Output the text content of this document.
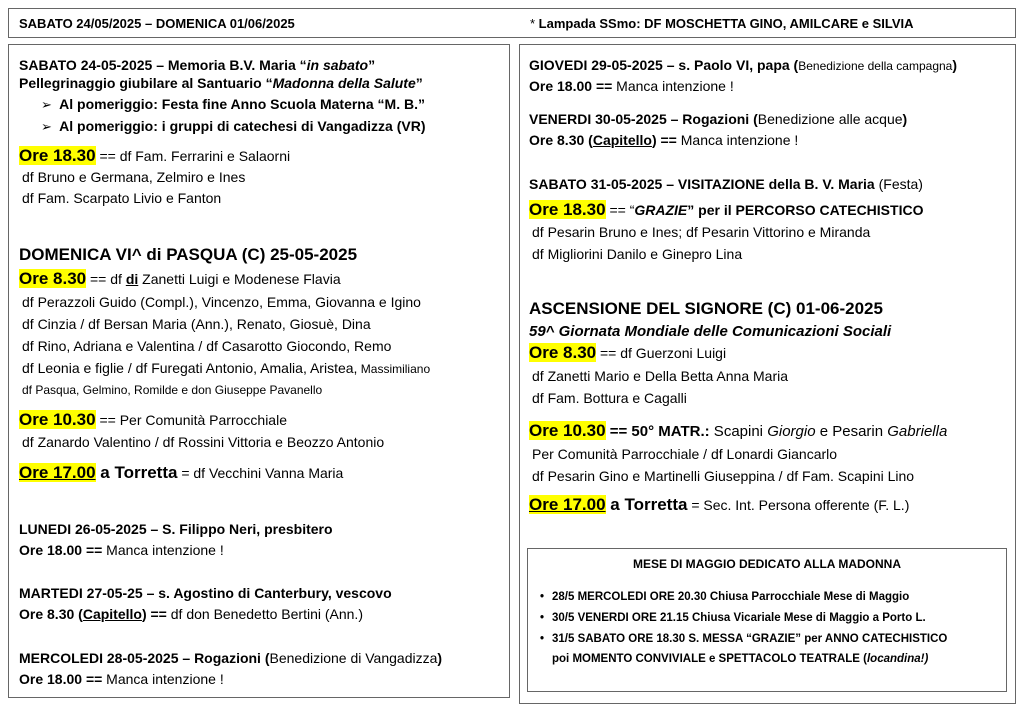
SABATO 24/05/2025 – DOMENICA 01/06/2025	* Lampada SSmo: DF MOSCHETTA GINO, AMILCARE e SILVIA
SABATO 24-05-2025 – Memoria B.V. Maria “in sabato”
Pellegrinaggio giubilare al Santuario “Madonna della Salute”
➢  Al pomeriggio: Festa fine Anno Scuola Materna “M. B.”
➢  Al pomeriggio: i gruppi di catechesi di Vangadizza (VR)
Ore 18.30 == df Fam. Ferrarini e Salaorni
df Bruno e Germana, Zelmiro e Ines
df Fam. Scarpato Livio e Fanton
DOMENICA VI^ di PASQUA (C) 25-05-2025
Ore 8.30 == df di Zanetti Luigi e Modenese Flavia
df Perazzoli Guido (Compl.), Vincenzo, Emma, Giovanna e Igino
df Cinzia / df Bersan Maria (Ann.), Renato, Giosuè, Dina
df Rino, Adriana e Valentina / df Casarotto Giocondo, Remo
df Leonia e figlie / df Furegati Antonio, Amalia, Aristea, Massimiliano
df Pasqua, Gelmino, Romilde e don Giuseppe Pavanello
Ore 10.30 == Per Comunità Parrocchiale
df Zanardo Valentino / df Rossini Vittoria e Beozzo Antonio
Ore 17.00 a Torretta = df Vecchini Vanna Maria
LUNEDI 26-05-2025 – S. Filippo Neri, presbitero
Ore 18.00 == Manca intenzione !
MARTEDI 27-05-25 – s. Agostino di Canterbury, vescovo
Ore 8.30 (Capitello) == df don Benedetto Bertini (Ann.)
MERCOLEDI 28-05-2025 – Rogazioni (Benedizione di Vangadizza)
Ore 18.00 == Manca intenzione !
GIOVEDI 29-05-2025 – s. Paolo VI, papa (Benedizione della campagna)
Ore 18.00 == Manca intenzione !
VENERDI 30-05-2025 – Rogazioni (Benedizione alle acque)
Ore 8.30 (Capitello) == Manca intenzione !
SABATO 31-05-2025 – VISITAZIONE della B. V. Maria (Festa)
Ore 18.30 == “GRAZIE” per il PERCORSO CATECHISTICO
df Pesarin Bruno e Ines; df Pesarin Vittorino e Miranda
df Migliorini Danilo e Ginepro Lina
ASCENSIONE DEL SIGNORE (C) 01-06-2025
59^ Giornata Mondiale delle Comunicazioni Sociali
Ore 8.30 == df Guerzoni Luigi
df Zanetti Mario e Della Betta Anna Maria
df Fam. Bottura e Cagalli
Ore 10.30 == 50° MATR.: Scapini Giorgio e Pesarin Gabriella
Per Comunità Parrocchiale / df Lonardi Giancarlo
df Pesarin Gino e Martinelli Giuseppina / df Fam. Scapini Lino
Ore 17.00 a Torretta = Sec. Int. Persona offerente (F. L.)
MESE DI MAGGIO DEDICATO ALLA MADONNA
• 28/5 MERCOLEDI ORE 20.30 Chiusa Parrocchiale Mese di Maggio
• 30/5 VENERDI ORE 21.15 Chiusa Vicariale Mese di Maggio a Porto L.
• 31/5 SABATO ORE 18.30 S. MESSA “GRAZIE” per ANNO CATECHISTICO
poi MOMENTO CONVIVIALE e SPETTACOLO TEATRALE (locandina!)
